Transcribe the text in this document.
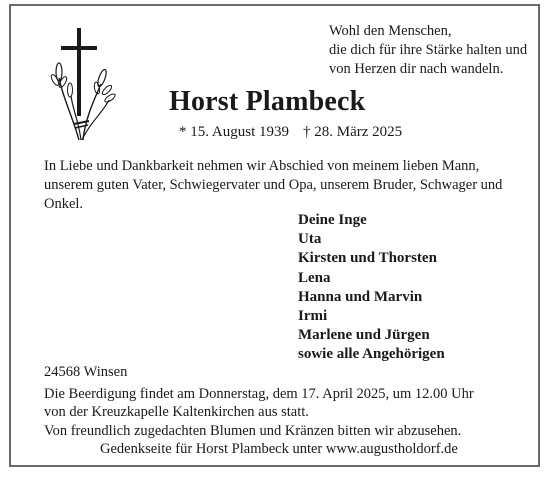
Wohl den Menschen,
die dich für ihre Stärke halten und
von Herzen dir nach wandeln.
Horst Plambeck
* 15. August 1939 † 28. März 2025
In Liebe und Dankbarkeit nehmen wir Abschied von meinem lieben Mann, unserem guten Vater, Schwiegervater und Opa, unserem Bruder, Schwager und Onkel.
Deine Inge
Uta
Kirsten und Thorsten
Lena
Hanna und Marvin
Irmi
Marlene und Jürgen
sowie alle Angehörigen
24568 Winsen
Die Beerdigung findet am Donnerstag, dem 17. April 2025, um 12.00 Uhr
von der Kreuzkapelle Kaltenkirchen aus statt.
Von freundlich zugedachten Blumen und Kränzen bitten wir abzusehen.
Gedenkseite für Horst Plambeck unter www.augustholdorf.de
